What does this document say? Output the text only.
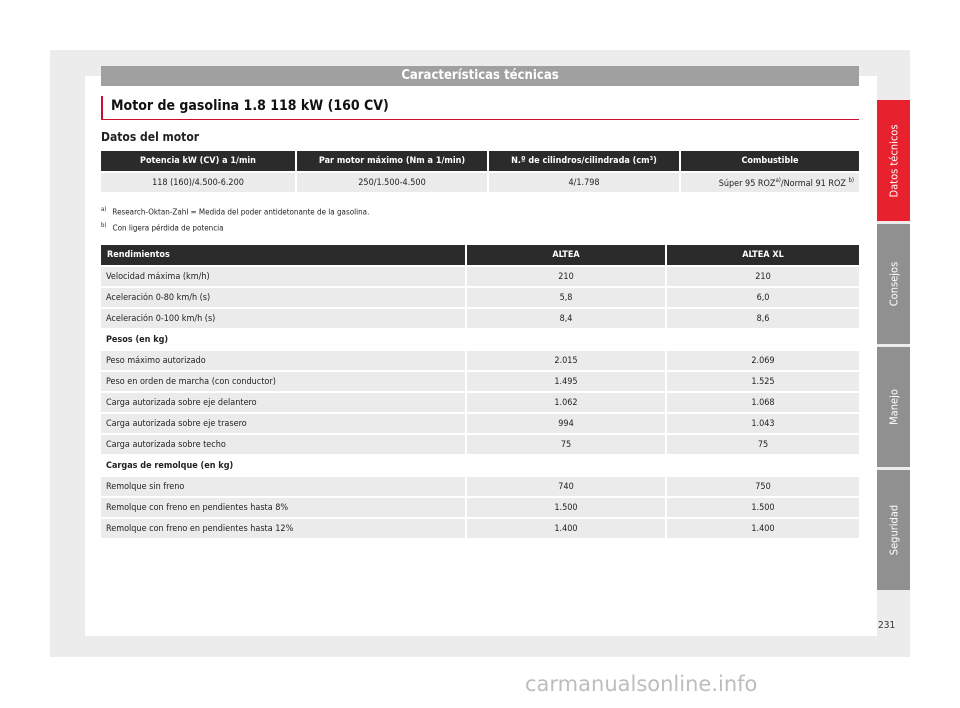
Características técnicas
Motor de gasolina 1.8 118 kW (160 CV)
Datos del motor
Potencia kW (CV) a 1/min	Par motor máximo (Nm a 1/min)	N.º de cilindros/cilindrada (cm³)	Combustible
118 (160)/4.500-6.200	250/1.500-4.500	4/1.798	Súper 95 ROZ$^{a)}$/Normal 91 ROZ $^{b)}$
$^{a)}$ Research-Oktan-Zahl = Medida del poder antidetonante de la gasolina.
$^{b)}$ Con ligera pérdida de potencia
Rendimientos	ALTEA	ALTEA XL
Velocidad máxima (km/h)	210	210
Aceleración 0-80 km/h (s)	5,8	6,0
Aceleración 0-100 km/h (s)	8,4	8,6
Pesos (en kg)		
Peso máximo autorizado	2.015	2.069
Peso en orden de marcha (con conductor)	1.495	1.525
Carga autorizada sobre eje delantero	1.062	1.068
Carga autorizada sobre eje trasero	994	1.043
Carga autorizada sobre techo	75	75
Cargas de remolque (en kg)		
Remolque sin freno	740	750
Remolque con freno en pendientes hasta 8%	1.500	1.500
Remolque con freno en pendientes hasta 12%	1.400	1.400
Datos técnicos
Consejos
Manejo
Seguridad
231
carmanualsonline.info
